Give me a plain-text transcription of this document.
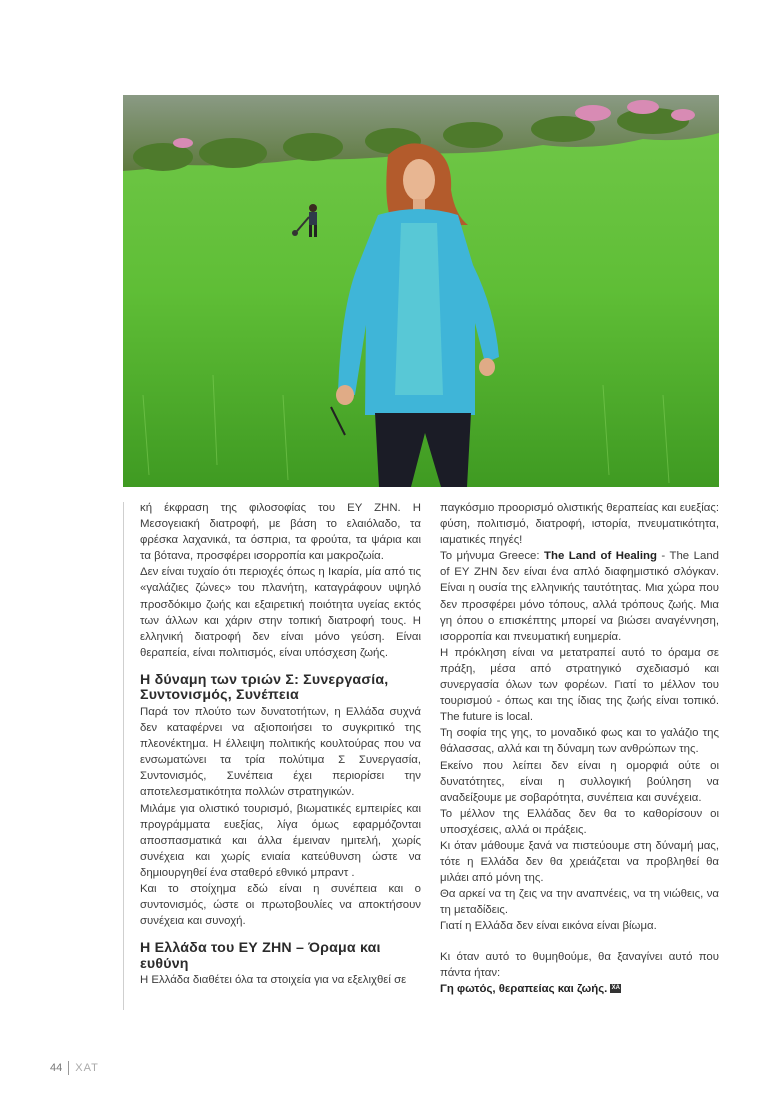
κή έκφραση της φιλοσοφίας του ΕΥ ΖΗΝ. Η Μεσογειακή διατροφή, με βάση το ελαιόλαδο, τα φρέσκα λαχανικά, τα όσπρια, τα φρούτα, τα ψάρια και τα βότανα, προσφέρει ισορροπία και μακροζωία.

Δεν είναι τυχαίο ότι περιοχές όπως η Ικαρία, μία από τις «γαλάζιες ζώνες» του πλανήτη, καταγράφουν υψηλό προσδόκιμο ζωής και εξαιρετική ποιότητα υγείας εκτός των άλλων και χάριν στην τοπική διατροφή τους. Η ελληνική διατροφή δεν είναι μόνο γεύση. Είναι θεραπεία, είναι πολιτισμός, είναι υπόσχεση ζωής.

Η δύναμη των τριών Σ: Συνεργασία, Συντονισμός, Συνέπεια

Παρά τον πλούτο των δυνατοτήτων, η Ελλάδα συχνά δεν καταφέρνει να αξιοποιήσει το συγκριτικό της πλεονέκτημα. Η έλλειψη πολιτικής κουλτούρας που να ενσωματώνει τα τρία πολύτιμα Σ Συνεργασία, Συντονισμός, Συνέπεια έχει περιορίσει την αποτελεσματικότητα πολλών στρατηγικών.

Μιλάμε για ολιστικό τουρισμό, βιωματικές εμπειρίες και προγράμματα ευεξίας, λίγα όμως εφαρμόζονται αποσπασματικά και άλλα έμειναν ημιτελή, χωρίς συνέχεια και χωρίς ενιαία κατεύθυνση ώστε να δημιουργηθεί ένα σταθερό εθνικό μπραντ .

Και το στοίχημα εδώ είναι η συνέπεια και ο συντονισμός, ώστε οι πρωτοβουλίες να αποκτήσουν συνέχεια και συνοχή.

Η Ελλάδα του ΕΥ ΖΗΝ – Όραμα και ευθύνη

Η Ελλάδα διαθέτει όλα τα στοιχεία για να εξελιχθεί σε

παγκόσμιο προορισμό ολιστικής θεραπείας και ευεξίας: φύση, πολιτισμό, διατροφή, ιστορία, πνευματικότητα, ιαματικές πηγές!

Το μήνυμα Greece: The Land of Healing - The Land of ΕΥ ΖΗΝ δεν είναι ένα απλό διαφημιστικό σλόγκαν. Είναι η ουσία της ελληνικής ταυτότητας. Μια χώρα που δεν προσφέρει μόνο τόπους, αλλά τρόπους ζωής. Μια γη όπου ο επισκέπτης μπορεί να βιώσει αναγέννηση, ισορροπία και πνευματική ευημερία.

Η πρόκληση είναι να μετατραπεί αυτό το όραμα σε πράξη, μέσα από στρατηγικό σχεδιασμό και συνεργασία όλων των φορέων. Γιατί το μέλλον του τουρισμού - όπως και της ίδιας της ζωής είναι τοπικό. The future is local.

Τη σοφία της γης, το μοναδικό φως και το γαλάζιο της θάλασσας, αλλά και τη δύναμη των ανθρώπων της.

Εκείνο που λείπει δεν είναι η ομορφιά ούτε οι δυνατότητες, είναι η συλλογική βούληση να αναδείξουμε με σοβαρότητα, συνέπεια και συνέχεια.

Το μέλλον της Ελλάδας δεν θα το καθορίσουν οι υποσχέσεις, αλλά οι πράξεις.

Κι όταν μάθουμε ξανά να πιστεύουμε στη δύναμή μας, τότε η Ελλάδα δεν θα χρειάζεται να προβληθεί θα μιλάει από μόνη της.

Θα αρκεί να τη ζεις να την αναπνέεις, να τη νιώθεις, να τη μεταδίδεις.

Γιατί η Ελλάδα δεν είναι εικόνα είναι βίωμα.

Κι όταν αυτό το θυμηθούμε, θα ξαναγίνει αυτό που πάντα ήταν:

Γη φωτός, θεραπείας και ζωής. ΧΑ

44 ΧΑΤ
